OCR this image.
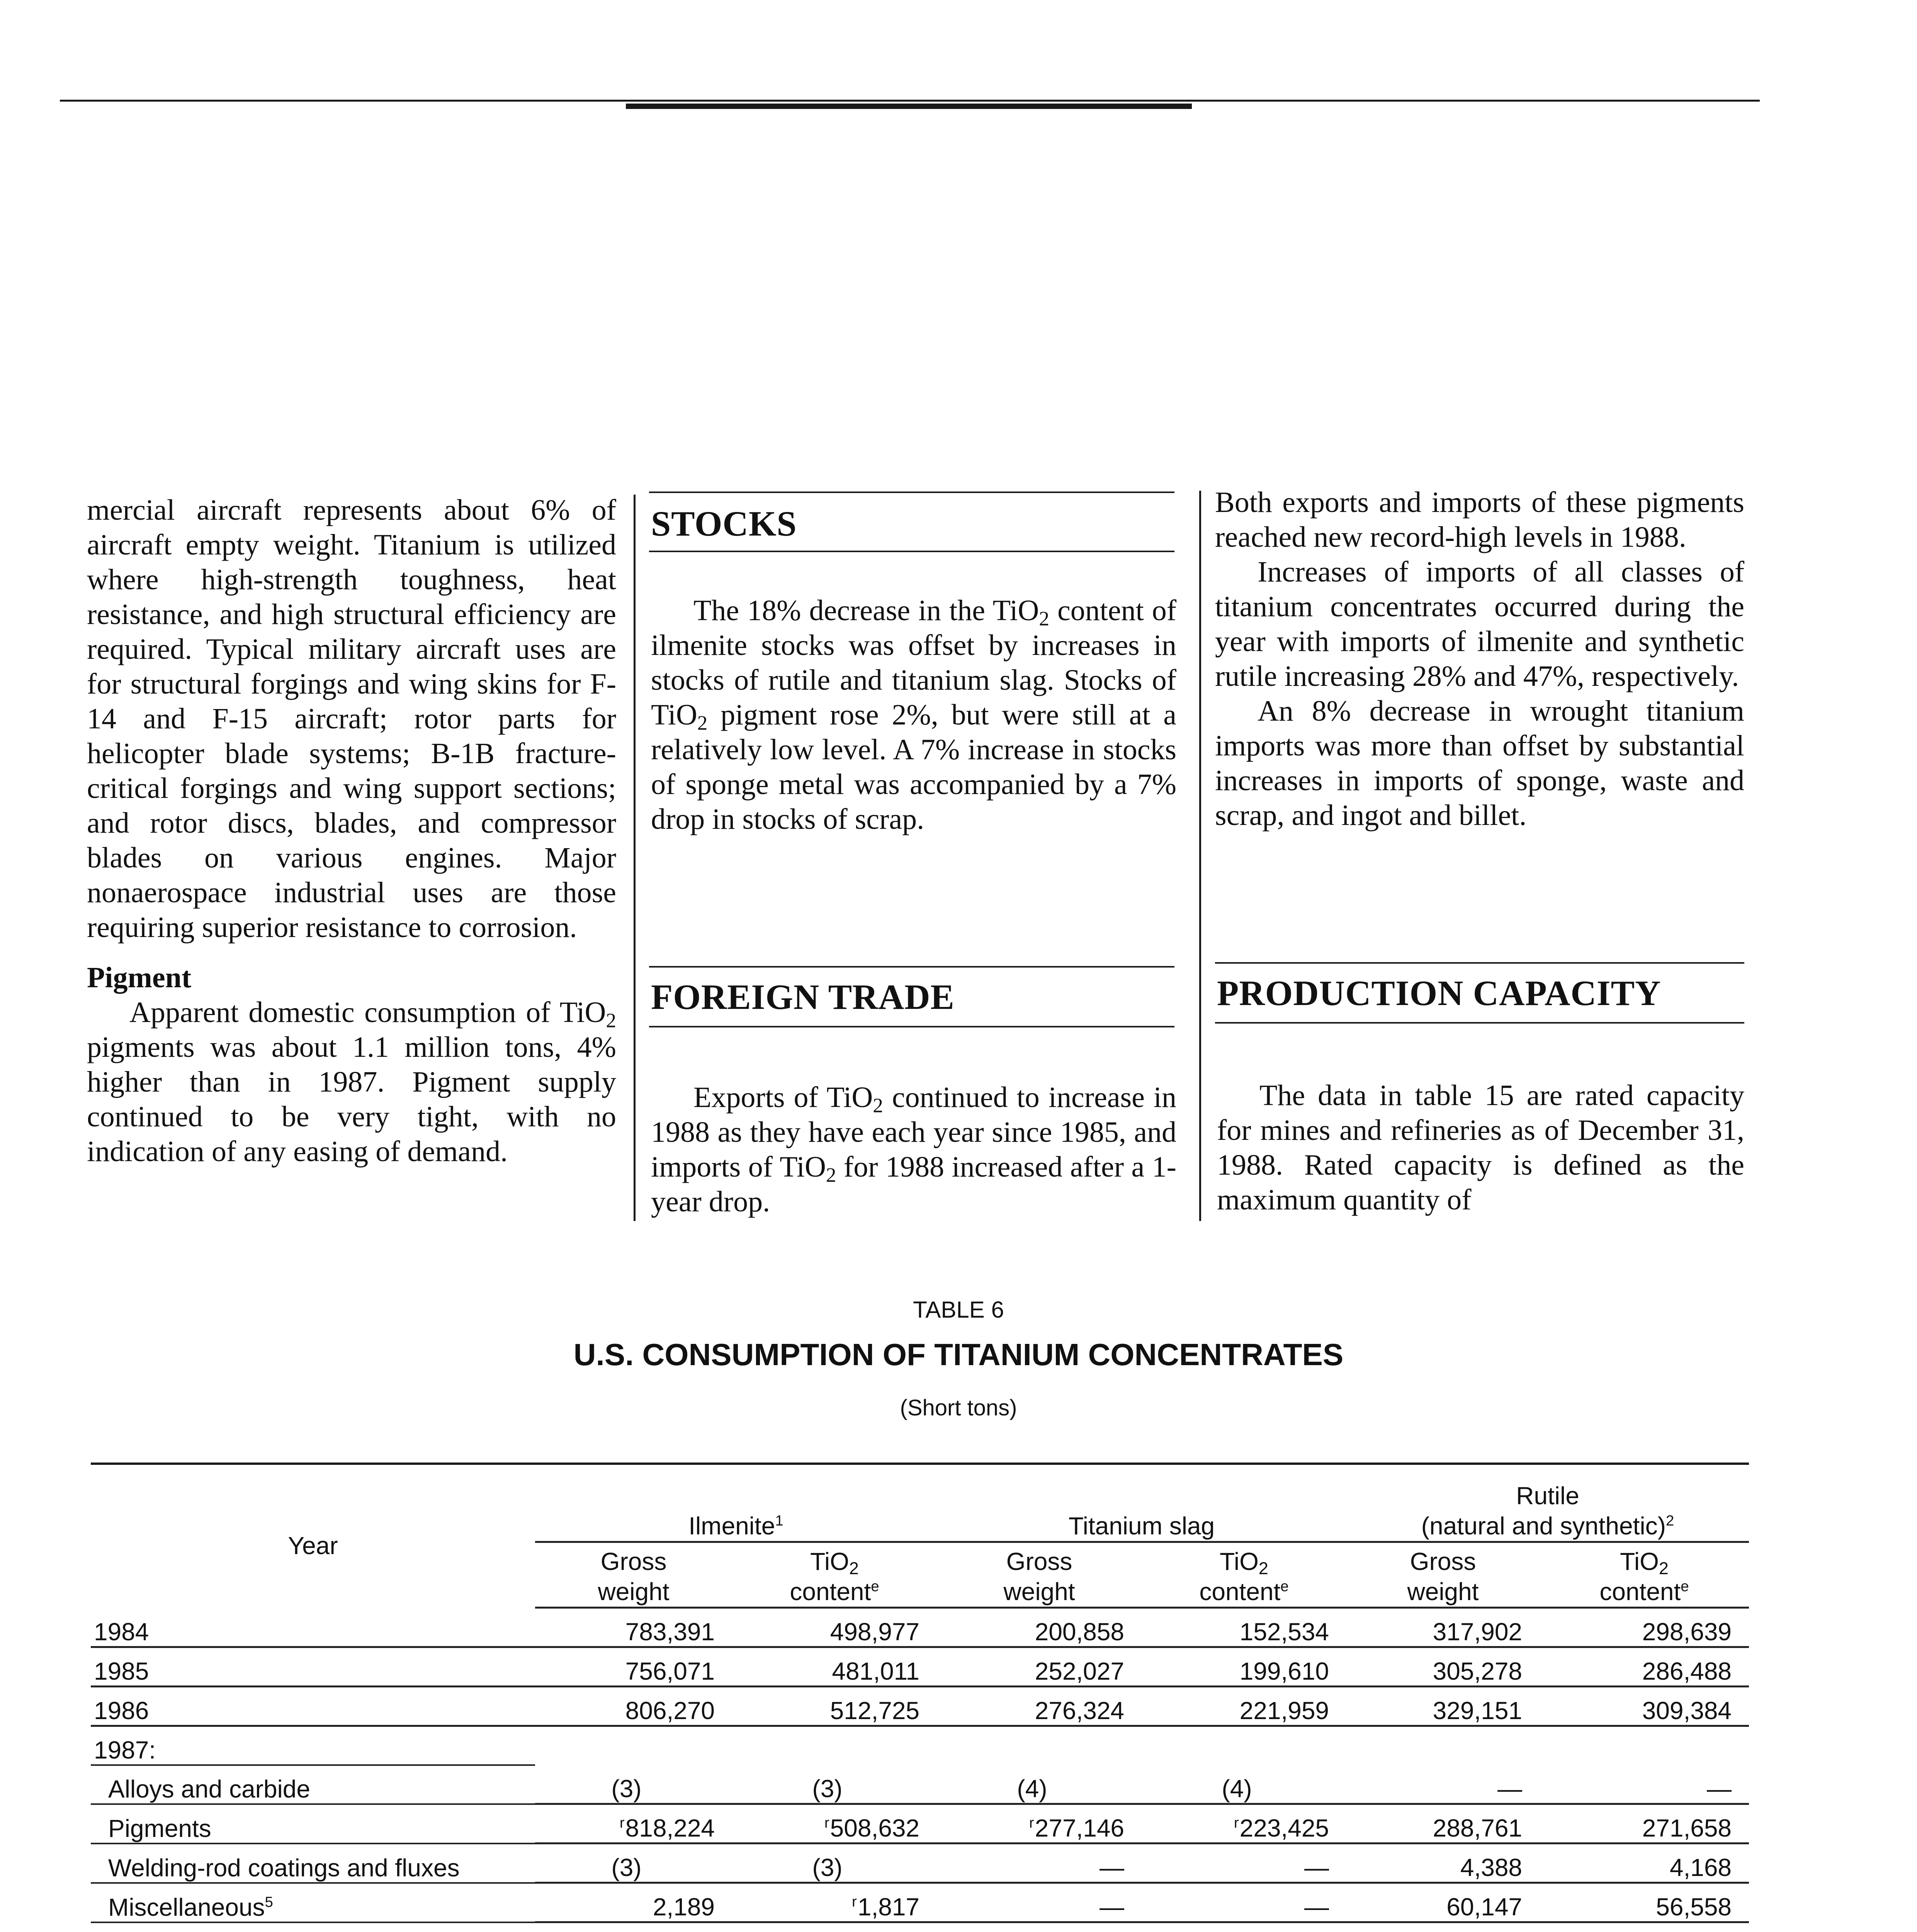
mercial aircraft represents about 6% of aircraft empty weight. Titanium is utilized where high-strength toughness, heat resistance, and high structural efficiency are required. Typical military aircraft uses are for structural forgings and wing skins for F-14 and F-15 aircraft; rotor parts for helicopter blade systems; B-1B fracture-critical forgings and wing support sections; and rotor discs, blades, and compressor blades on various engines. Major nonaerospace industrial uses are those requiring superior resistance to corrosion.

Pigment

Apparent domestic consumption of TiO$_2$ pigments was about 1.1 million tons, 4% higher than in 1987. Pigment supply continued to be very tight, with no indication of any easing of demand.

STOCKS

The 18% decrease in the TiO$_2$ content of ilmenite stocks was offset by increases in stocks of rutile and titanium slag. Stocks of TiO$_2$ pigment rose 2%, but were still at a relatively low level. A 7% increase in stocks of sponge metal was accompanied by a 7% drop in stocks of scrap.

FOREIGN TRADE

Exports of TiO$_2$ continued to increase in 1988 as they have each year since 1985, and imports of TiO$_2$ for 1988 increased after a 1-year drop.

Both exports and imports of these pigments reached new record-high levels in 1988.

Increases of imports of all classes of titanium concentrates occurred during the year with imports of ilmenite and synthetic rutile increasing 28% and 47%, respectively.

An 8% decrease in wrought titanium imports was more than offset by substantial increases in imports of sponge, waste and scrap, and ingot and billet.

PRODUCTION CAPACITY

The data in table 15 are rated capacity for mines and refineries as of December 31, 1988. Rated capacity is defined as the maximum quantity of

TABLE 6
U.S. CONSUMPTION OF TITANIUM CONCENTRATES
(Short tons)
Year	Ilmenite$^1$		Titanium slag		Rutile
(natural and synthetic)$^2$
	Gross
weight	TiO$_2$
content$^e$	Gross
weight	TiO$_2$
content$^e$	Gross
weight	TiO$_2$
content$^e$
1984	783,391	498,977	200,858	152,534	317,902	298,639
1985	756,071	481,011	252,027	199,610	305,278	286,488
1986	806,270	512,725	276,324	221,959	329,151	309,384
1987:						
Alloys and carbide	(3)	(3)	(4)	(4)	—	—
Pigments	$^r$818,224	$^r$508,632	$^r$277,146	$^r$223,425	288,761	271,658
Welding-rod coatings and fluxes	(3)	(3)	—	—	4,388	4,168
Miscellaneous$^5$	2,189	$^r$1,817	—	—	60,147	56,558
